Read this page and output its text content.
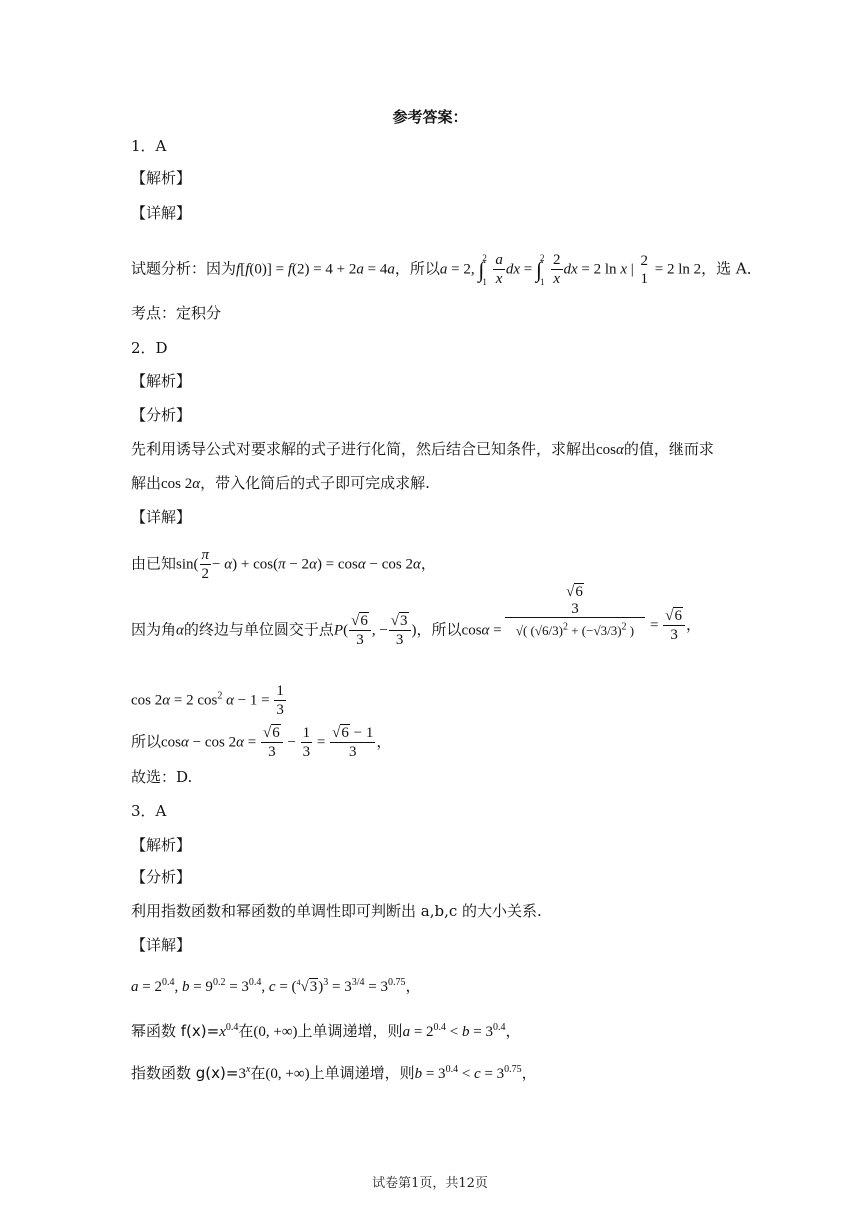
参考答案：
1．A
【解析】
【详解】
试题分析：因为f[f(0)] = f(2) = 4 + 2a = 4a，所以a = 2, ∫
2
$1 \frac{a}{x}$ dx = ∫
2
$1 \frac{2}{x}$ dx = 2 ln x |
2
1
= 2 ln 2，选 A．
考点：定积分
2．D
【解析】
【分析】
先利用诱导公式对要求解的式子进行化简，然后结合已知条件，求解出cosα的值，继而求
解出cos 2α，带入化简后的式子即可完成求解.
【详解】
由已知$\sin( \frac{\pi}{2} - \alpha) + \cos(\pi - 2\alpha) = \cos\alpha - \cos 2\alpha$，
因为角α的终边与单位圆交于点$P( \frac{√6}{3}$ , − $\frac{√3}{3}$ )，所以cosα =
√6
3
√( $(√6/3)^2 + (-√3/3)^2$ )	= $\frac{√6}{3}$ ，
cos 2α = 2 $\cos^2 \alpha - 1 = \frac{1}{3}$
所以$\cos\alpha - \cos 2\alpha = \frac{√6}{3} - \frac{1}{3} = \frac{√6 - 1}{3}$ ，
故选：D.
3．A
【解析】
【分析】
利用指数函数和幂函数的单调性即可判断出 a,b,c 的大小关系.
【详解】
$a = 2^{0.4}$, $b = 9^{0.2} = 3^{0.4}$, $c = (^4√3)^3 = 3^{3/4} = 3^{0.75}$，
幂函数 $f(x)=x^{0.4}$在(0, +∞)上单调递增，则$a = 2^{0.4} < b = 3^{0.4}$，
指数函数 $g(x)=3^x$在(0, +∞)上单调递增，则$b = 3^{0.4} < c = 3^{0.75}$，
试卷第1页，共12页
